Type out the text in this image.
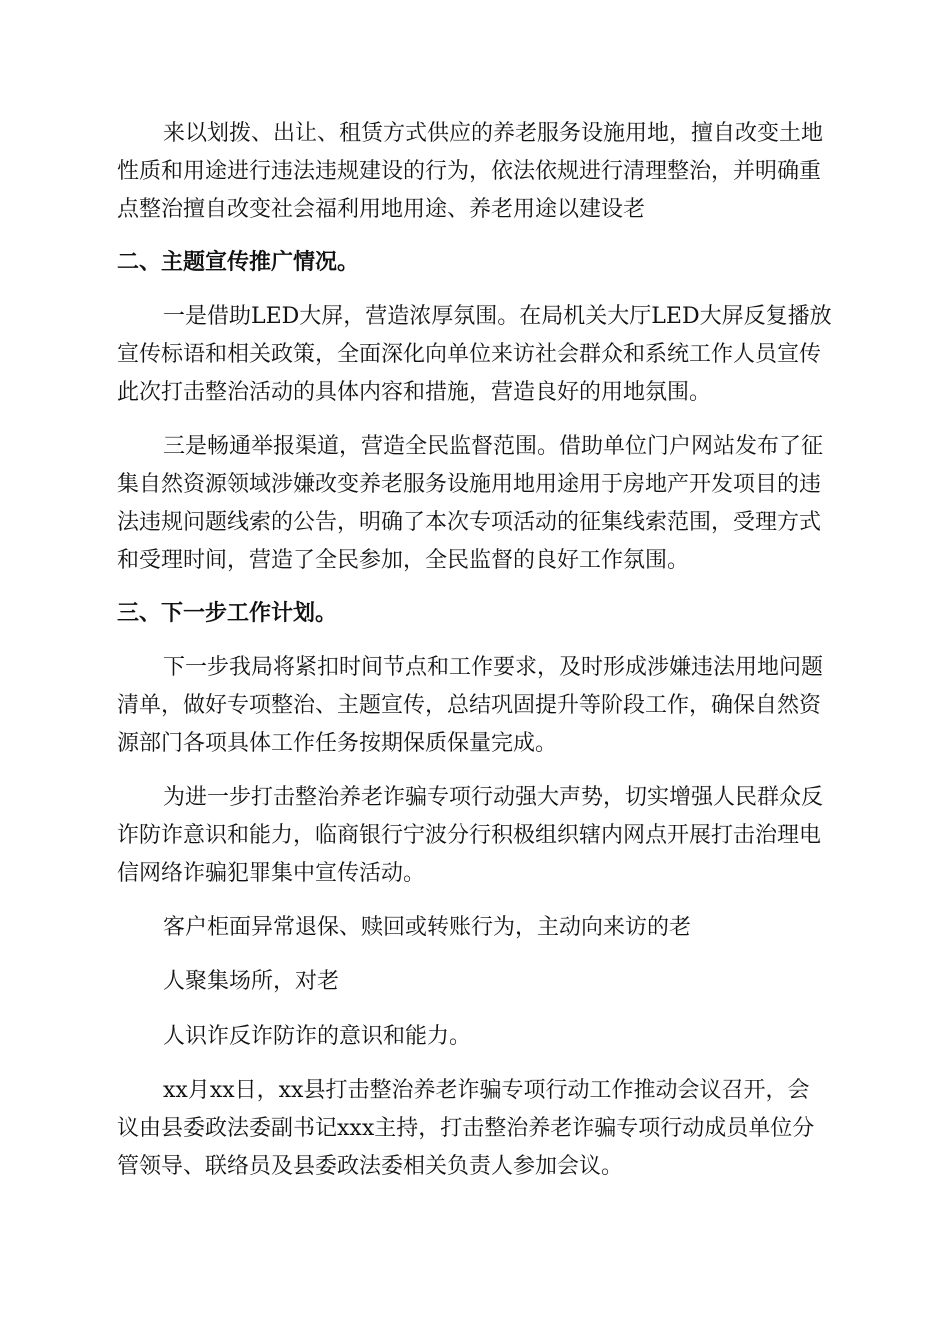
来以划拨、出让、租赁方式供应的养老服务设施用地，擅自改变土地
性质和用途进行违法违规建设的行为，依法依规进行清理整治，并明确重
点整治擅自改变社会福利用地用途、养老用途以建设老
二、主题宣传推广情况。
一是借助LED大屏，营造浓厚氛围。在局机关大厅LED大屏反复播放
宣传标语和相关政策，全面深化向单位来访社会群众和系统工作人员宣传
此次打击整治活动的具体内容和措施，营造良好的用地氛围。
三是畅通举报渠道，营造全民监督范围。借助单位门户网站发布了征
集自然资源领域涉嫌改变养老服务设施用地用途用于房地产开发项目的违
法违规问题线索的公告，明确了本次专项活动的征集线索范围，受理方式
和受理时间，营造了全民参加，全民监督的良好工作氛围。
三、下一步工作计划。
下一步我局将紧扣时间节点和工作要求，及时形成涉嫌违法用地问题
清单，做好专项整治、主题宣传，总结巩固提升等阶段工作，确保自然资
源部门各项具体工作任务按期保质保量完成。
为进一步打击整治养老诈骗专项行动强大声势，切实增强人民群众反
诈防诈意识和能力，临商银行宁波分行积极组织辖内网点开展打击治理电
信网络诈骗犯罪集中宣传活动。
客户柜面异常退保、赎回或转账行为，主动向来访的老
人聚集场所，对老
人识诈反诈防诈的意识和能力。
xx月xx日，xx县打击整治养老诈骗专项行动工作推动会议召开，会
议由县委政法委副书记xxx主持，打击整治养老诈骗专项行动成员单位分
管领导、联络员及县委政法委相关负责人参加会议。
